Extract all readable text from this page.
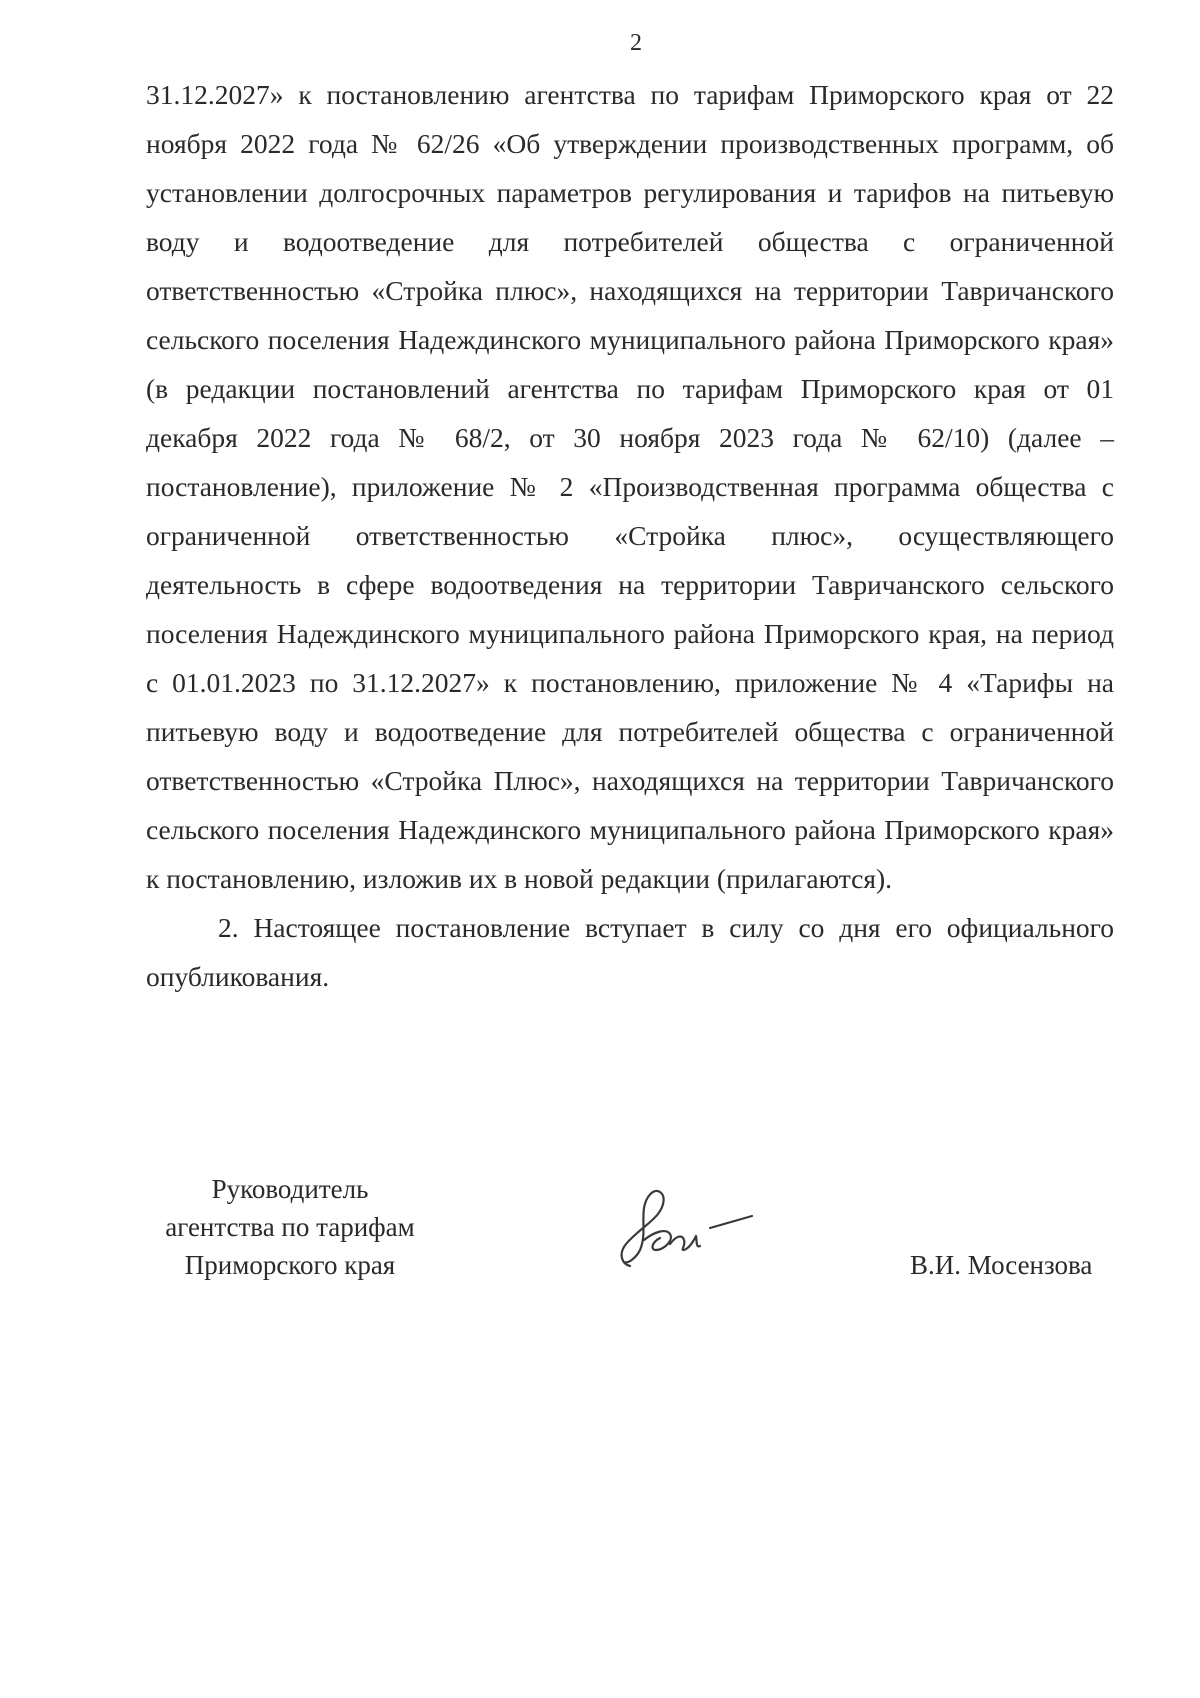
2

31.12.2027» к постановлению агентства по тарифам Приморского края от 22 ноября 2022 года № 62/26 «Об утверждении производственных программ, об установлении долгосрочных параметров регулирования и тарифов на питьевую воду и водоотведение для потребителей общества с ограниченной ответственностью «Стройка плюс», находящихся на территории Тавричанского сельского поселения Надеждинского муниципального района Приморского края» (в редакции постановлений агентства по тарифам Приморского края от 01 декабря 2022 года № 68/2, от 30 ноября 2023 года № 62/10) (далее – постановление), приложение № 2 «Производственная программа общества с ограниченной ответственностью «Стройка плюс», осуществляющего деятельность в сфере водоотведения на территории Тавричанского сельского поселения Надеждинского муниципального района Приморского края, на период с 01.01.2023 по 31.12.2027» к постановлению, приложение № 4 «Тарифы на питьевую воду и водоотведение для потребителей общества с ограниченной ответственностью «Стройка Плюс», находящихся на территории Тавричанского сельского поселения Надеждинского муниципального района Приморского края» к постановлению, изложив их в новой редакции (прилагаются).

2. Настоящее постановление вступает в силу со дня его официального опубликования.

Руководитель
агентства по тарифам
Приморского края	В.И. Мосензова
